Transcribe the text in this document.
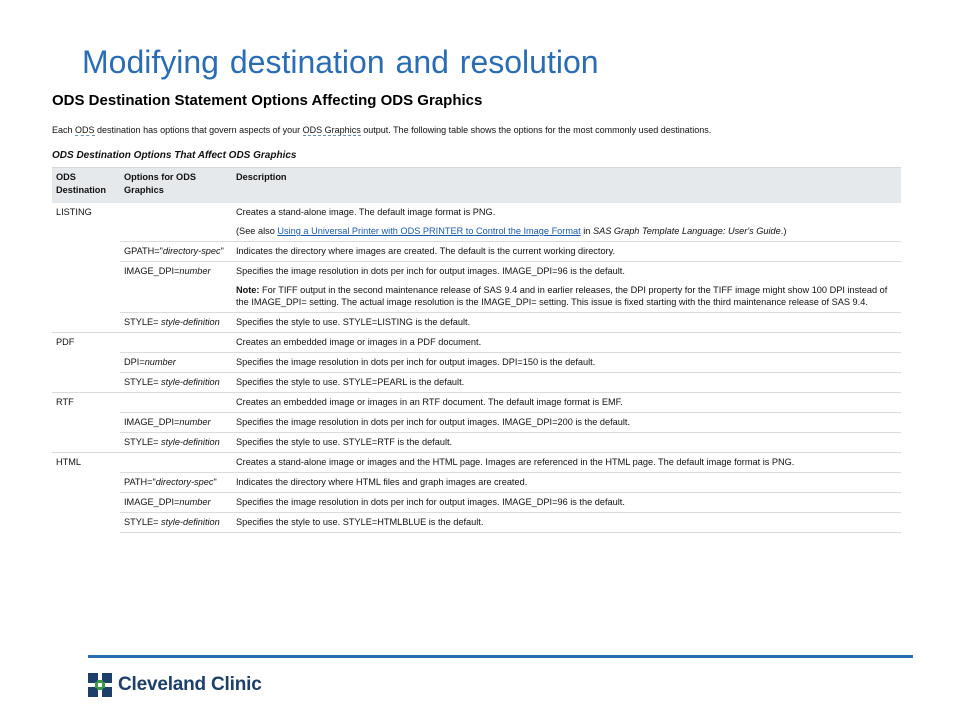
Modifying destination and resolution
ODS Destination Statement Options Affecting ODS Graphics
Each ODS destination has options that govern aspects of your ODS Graphics output. The following table shows the options for the most commonly used destinations.
ODS Destination Options That Affect ODS Graphics
ODS Destination	Options for ODS Graphics	Description
LISTING		Creates a stand-alone image. The default image format is PNG.

(See also Using a Universal Printer with ODS PRINTER to Control the Image Format in SAS Graph Template Language: User's Guide.)

	GPATH="directory-spec"	Indicates the directory where images are created. The default is the current working directory.
	IMAGE_DPI=number	Specifies the image resolution in dots per inch for output images. IMAGE_DPI=96 is the default.

Note: For TIFF output in the second maintenance release of SAS 9.4 and in earlier releases, the DPI property for the TIFF image might show 100 DPI instead of the IMAGE_DPI= setting. The actual image resolution is the IMAGE_DPI= setting. This issue is fixed starting with the third maintenance release of SAS 9.4.

	STYLE= style-definition	Specifies the style to use. STYLE=LISTING is the default.
PDF		Creates an embedded image or images in a PDF document.
	DPI=number	Specifies the image resolution in dots per inch for output images. DPI=150 is the default.
	STYLE= style-definition	Specifies the style to use. STYLE=PEARL is the default.
RTF		Creates an embedded image or images in an RTF document. The default image format is EMF.
	IMAGE_DPI=number	Specifies the image resolution in dots per inch for output images. IMAGE_DPI=200 is the default.
	STYLE= style-definition	Specifies the style to use. STYLE=RTF is the default.
HTML		Creates a stand-alone image or images and the HTML page. Images are referenced in the HTML page. The default image format is PNG.
	PATH="directory-spec"	Indicates the directory where HTML files and graph images are created.
	IMAGE_DPI=number	Specifies the image resolution in dots per inch for output images. IMAGE_DPI=96 is the default.
	STYLE= style-definition	Specifies the style to use. STYLE=HTMLBLUE is the default.
Cleveland Clinic
